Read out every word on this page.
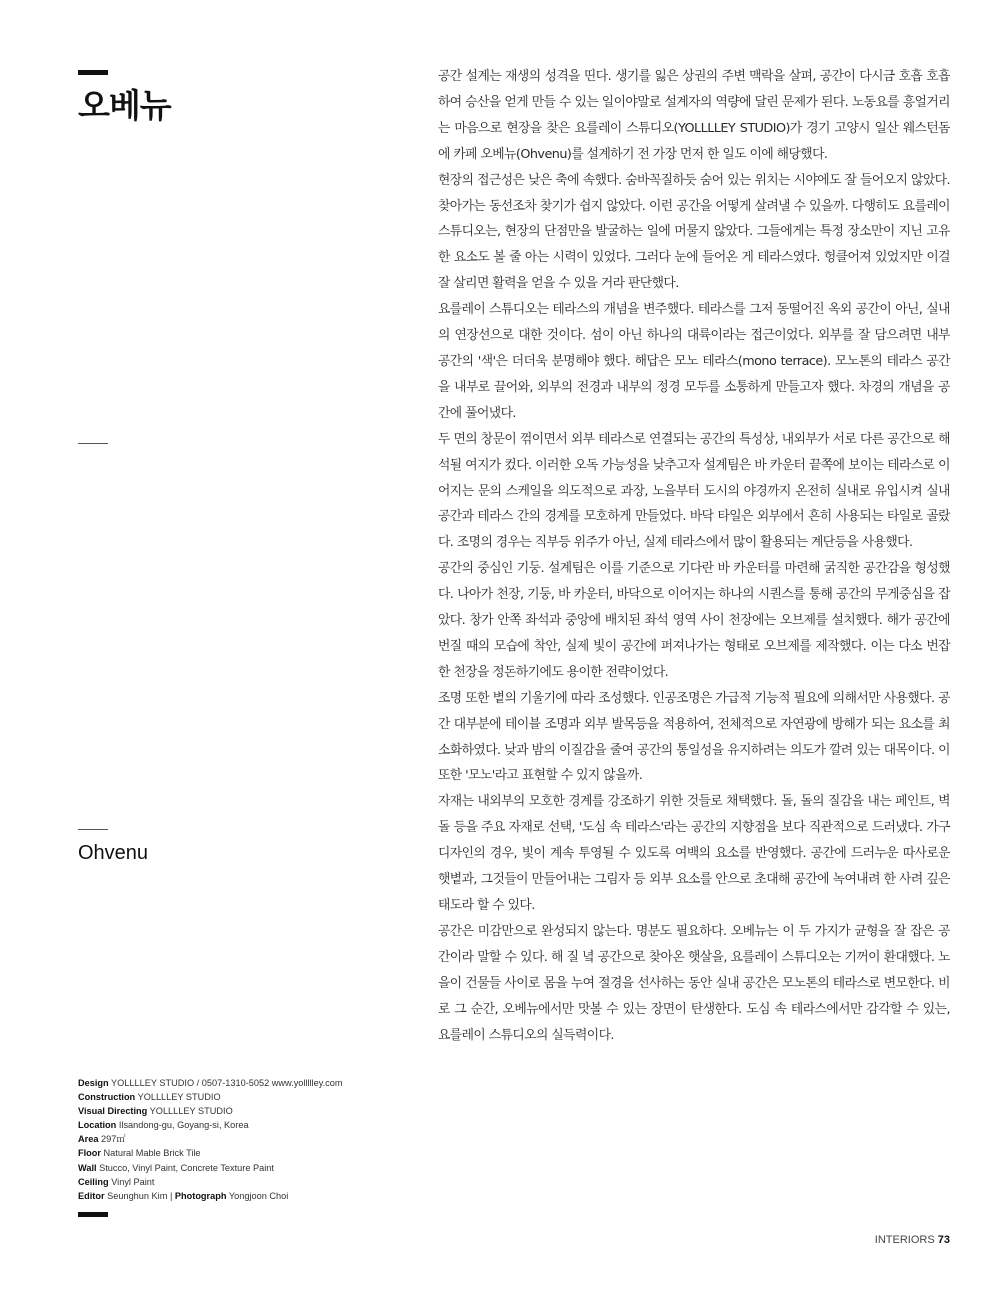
오베뉴
Ohvenu

공간 설계는 재생의 성격을 띤다. 생기를 잃은 상권의 주변 맥락을 살펴, 공간이 다시금 호흡 호흡하여 승산을 얻게 만들 수 있는 일이야말로 설계자의 역량에 달린 문제가 된다. 노동요를 흥얼거리는 마음으로 현장을 찾은 요를레이 스튜디오(YOLLLLEY STUDIO)가 경기 고양시 일산 웨스턴돔에 카페 오베뉴(Ohvenu)를 설계하기 전 가장 먼저 한 일도 이에 해당했다.

현장의 접근성은 낮은 축에 속했다. 숨바꼭질하듯 숨어 있는 위치는 시야에도 잘 들어오지 않았다. 찾아가는 동선조차 찾기가 쉽지 않았다. 이런 공간을 어떻게 살려낼 수 있을까. 다행히도 요를레이 스튜디오는, 현장의 단점만을 발굴하는 일에 머물지 않았다. 그들에게는 특정 장소만이 지닌 고유한 요소도 볼 줄 아는 시력이 있었다. 그러다 눈에 들어온 게 테라스였다. 헝클어져 있었지만 이걸 잘 살리면 활력을 얻을 수 있을 거라 판단했다.

요를레이 스튜디오는 테라스의 개념을 변주했다. 테라스를 그저 동떨어진 옥외 공간이 아닌, 실내의 연장선으로 대한 것이다. 섬이 아닌 하나의 대륙이라는 접근이었다. 외부를 잘 담으려면 내부 공간의 '색'은 더더욱 분명해야 했다. 해답은 모노 테라스(mono terrace). 모노톤의 테라스 공간을 내부로 끌어와, 외부의 전경과 내부의 정경 모두를 소통하게 만들고자 했다. 차경의 개념을 공간에 풀어냈다.

두 면의 창문이 꺾이면서 외부 테라스로 연결되는 공간의 특성상, 내외부가 서로 다른 공간으로 해석될 여지가 컸다. 이러한 오독 가능성을 낮추고자 설계팀은 바 카운터 끝쪽에 보이는 테라스로 이어지는 문의 스케일을 의도적으로 과장, 노을부터 도시의 야경까지 온전히 실내로 유입시켜 실내 공간과 테라스 간의 경계를 모호하게 만들었다. 바닥 타일은 외부에서 흔히 사용되는 타일로 골랐다. 조명의 경우는 직부등 위주가 아닌, 실제 테라스에서 많이 활용되는 계단등을 사용했다.

공간의 중심인 기둥. 설계팀은 이를 기준으로 기다란 바 카운터를 마련해 굵직한 공간감을 형성했다. 나아가 천장, 기둥, 바 카운터, 바닥으로 이어지는 하나의 시퀀스를 통해 공간의 무게중심을 잡았다. 창가 안쪽 좌석과 중앙에 배치된 좌석 영역 사이 천장에는 오브제를 설치했다. 해가 공간에 번질 때의 모습에 착안, 실제 빛이 공간에 퍼져나가는 형태로 오브제를 제작했다. 이는 다소 번잡한 천장을 정돈하기에도 용이한 전략이었다.

조명 또한 볕의 기울기에 따라 조성했다. 인공조명은 가급적 기능적 필요에 의해서만 사용했다. 공간 대부분에 테이블 조명과 외부 발목등을 적용하여, 전체적으로 자연광에 방해가 되는 요소를 최소화하였다. 낮과 밤의 이질감을 줄여 공간의 통일성을 유지하려는 의도가 깔려 있는 대목이다. 이 또한 '모노'라고 표현할 수 있지 않을까.

자재는 내외부의 모호한 경계를 강조하기 위한 것들로 채택했다. 돌, 돌의 질감을 내는 페인트, 벽돌 등을 주요 자재로 선택, '도심 속 테라스'라는 공간의 지향점을 보다 직관적으로 드러냈다. 가구 디자인의 경우, 빛이 계속 투영될 수 있도록 여백의 요소를 반영했다. 공간에 드러누운 따사로운 햇볕과, 그것들이 만들어내는 그림자 등 외부 요소를 안으로 초대해 공간에 녹여내려 한 사려 깊은 태도라 할 수 있다.

공간은 미감만으로 완성되지 않는다. 명분도 필요하다. 오베뉴는 이 두 가지가 균형을 잘 잡은 공간이라 말할 수 있다. 해 질 녘 공간으로 찾아온 햇살을, 요를레이 스튜디오는 기꺼이 환대했다. 노을이 건물들 사이로 몸을 누여 절경을 선사하는 동안 실내 공간은 모노톤의 테라스로 변모한다. 비로 그 순간, 오베뉴에서만 맛볼 수 있는 장면이 탄생한다. 도심 속 테라스에서만 감각할 수 있는, 요를레이 스튜디오의 실득력이다.

Design YOLLLLEY STUDIO / 0507-1310-5052 www.yollllley.com
Construction YOLLLLEY STUDIO
Visual Directing YOLLLLEY STUDIO
Location Ilsandong-gu, Goyang-si, Korea
Area 297㎡
Floor Natural Mable Brick Tile
Wall Stucco, Vinyl Paint, Concrete Texture Paint
Ceiling Vinyl Paint
Editor Seunghun Kim | Photograph Yongjoon Choi
INTERIORS 73
